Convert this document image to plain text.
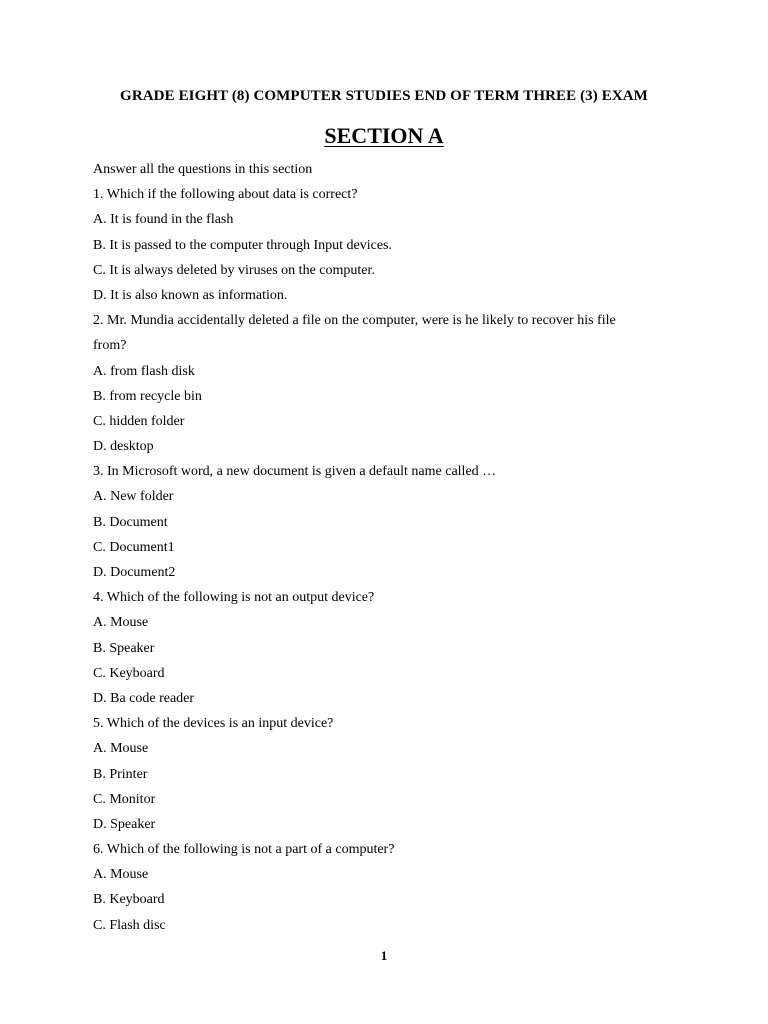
GRADE EIGHT (8) COMPUTER STUDIES END OF TERM THREE (3) EXAM
SECTION A
Answer all the questions in this section
1. Which if the following about data is correct?
A. It is found in the flash
B. It is passed to the computer through Input devices.
C. It is always deleted by viruses on the computer.
D. It is also known as information.
2. Mr. Mundia accidentally deleted a file on the computer, were is he likely to recover his file
from?
A. from flash disk
B. from recycle bin
C. hidden folder
D. desktop
3. In Microsoft word, a new document is given a default name called …
A. New folder
B. Document
C. Document1
D. Document2
4. Which of the following is not an output device?
A. Mouse
B. Speaker
C. Keyboard
D. Ba code reader
5. Which of the devices is an input device?
A. Mouse
B. Printer
C. Monitor
D. Speaker
6. Which of the following is not a part of a computer?
A. Mouse
B. Keyboard
C. Flash disc
1
